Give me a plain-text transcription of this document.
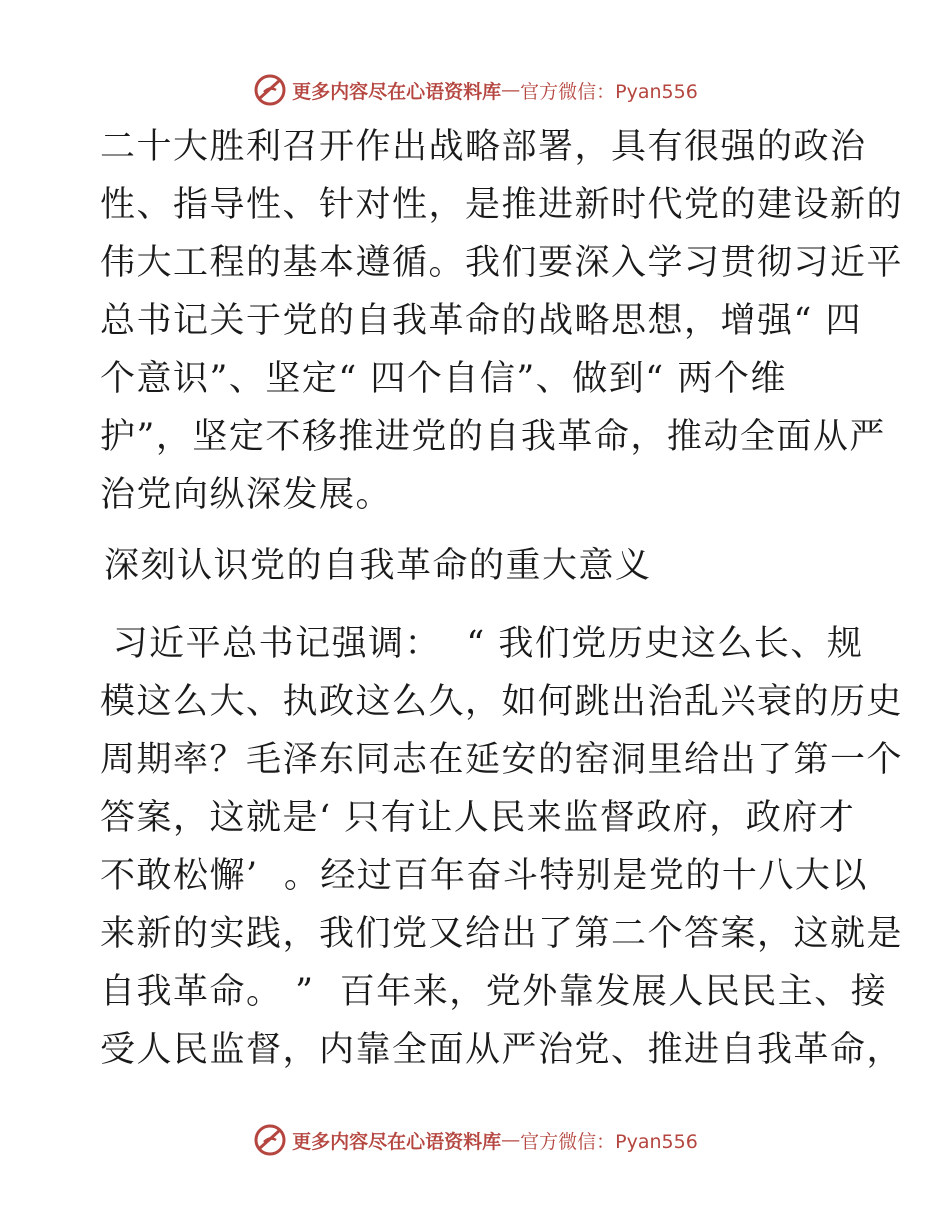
更多内容尽在心语资料库 — 官方微信：Pyan556
二十大胜利召开作出战略部署，具有很强的政治
性、指导性、针对性，是推进新时代党的建设新的
伟大工程的基本遵循。我们要深入学习贯彻习近平
总书记关于党的自我革命的战略思想，增强“ 四
个意识”、坚定“ 四个自信”、做到“ 两个维
护”，坚定不移推进党的自我革命，推动全面从严
治党向纵深发展。
深刻认识党的自我革命的重大意义
习近平总书记强调：  “ 我们党历史这么长、规
模这么大、执政这么久，如何跳出治乱兴衰的历史
周期率？毛泽东同志在延安的窑洞里给出了第一个
答案，这就是‘ 只有让人民来监督政府，政府才
不敢松懈’  。经过百年奋斗特别是党的十八大以
来新的实践，我们党又给出了第二个答案，这就是
自我革命。 ”  百年来，党外靠发展人民民主、接
受人民监督，内靠全面从严治党、推进自我革命，
更多内容尽在心语资料库 — 官方微信：Pyan556
